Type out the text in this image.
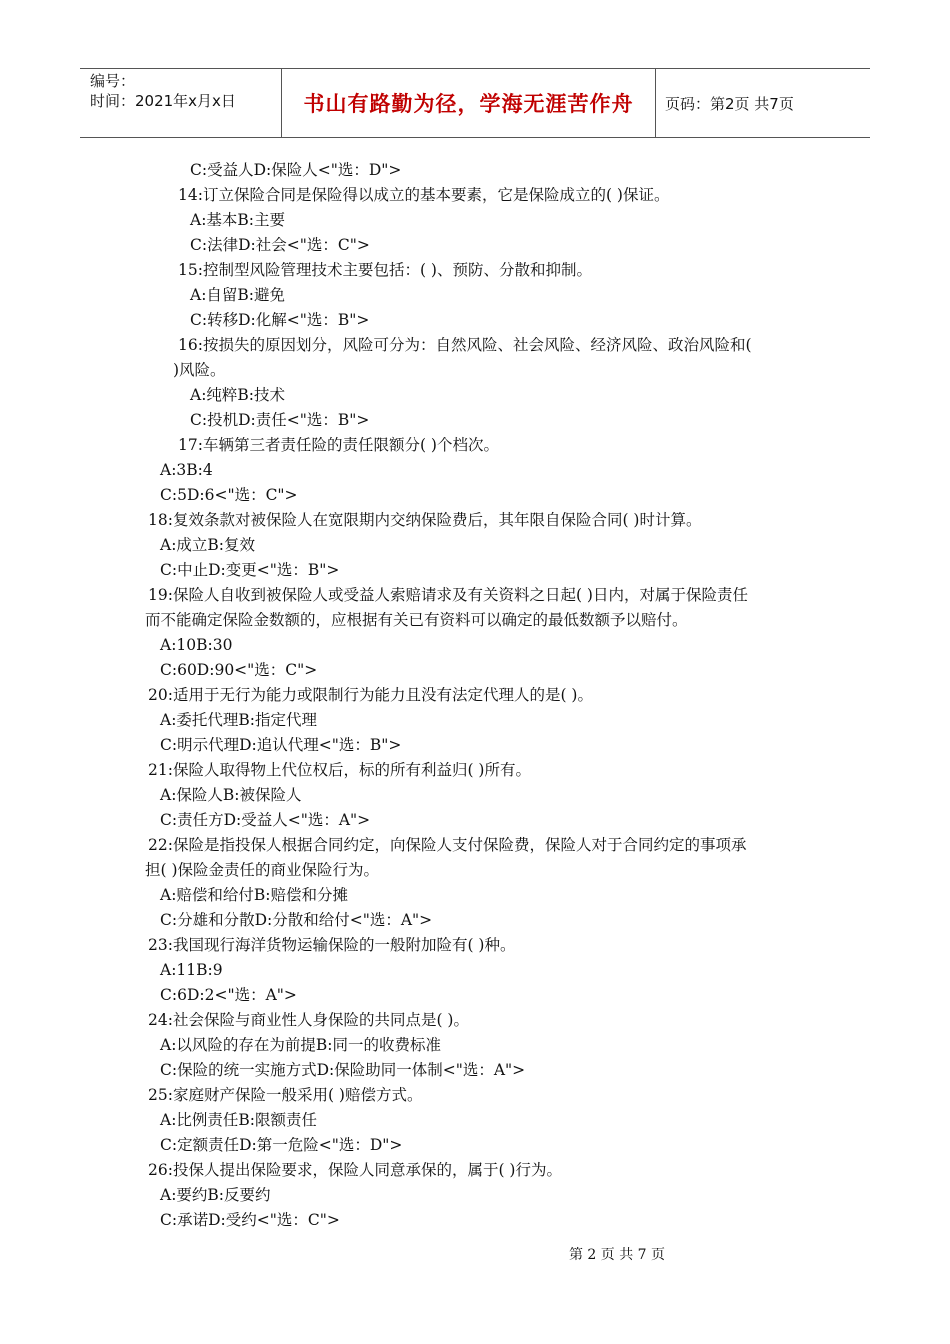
编号：
时间：2021年x月x日	书山有路勤为径，学海无涯苦作舟 页码：第2页 共7页
C:受益人D:保险人<"选：D">
14:订立保险合同是保险得以成立的基本要素，它是保险成立的( )保证。
A:基本B:主要
C:法律D:社会<"选：C">
15:控制型风险管理技术主要包括：( )、预防、分散和抑制。
A:自留B:避免
C:转移D:化解<"选：B">
16:按损失的原因划分，风险可分为：自然风险、社会风险、经济风险、政治风险和(
)风险。
A:纯粹B:技术
C:投机D:责任<"选：B">
17:车辆第三者责任险的责任限额分( )个档次。
A:3B:4
C:5D:6<"选：C">
18:复效条款对被保险人在宽限期内交纳保险费后，其年限自保险合同( )时计算。
A:成立B:复效
C:中止D:变更<"选：B">
19:保险人自收到被保险人或受益人索赔请求及有关资料之日起( )日内，对属于保险责任
而不能确定保险金数额的，应根据有关已有资料可以确定的最低数额予以赔付。
A:10B:30
C:60D:90<"选：C">
20:适用于无行为能力或限制行为能力且没有法定代理人的是( )。
A:委托代理B:指定代理
C:明示代理D:追认代理<"选：B">
21:保险人取得物上代位权后，标的所有利益归( )所有。
A:保险人B:被保险人
C:责任方D:受益人<"选：A">
22:保险是指投保人根据合同约定，向保险人支付保险费，保险人对于合同约定的事项承
担( )保险金责任的商业保险行为。
A:赔偿和给付B:赔偿和分摊
C:分雄和分散D:分散和给付<"选：A">
23:我国现行海洋货物运输保险的一般附加险有( )种。
A:11B:9
C:6D:2<"选：A">
24:社会保险与商业性人身保险的共同点是( )。
A:以风险的存在为前提B:同一的收费标准
C:保险的统一实施方式D:保险助同一体制<"选：A">
25:家庭财产保险一般采用( )赔偿方式。
A:比例责任B:限额责任
C:定额责任D:第一危险<"选：D">
26:投保人提出保险要求，保险人同意承保的，属于( )行为。
A:要约B:反要约
C:承诺D:受约<"选：C">
第 2 页 共 7 页
